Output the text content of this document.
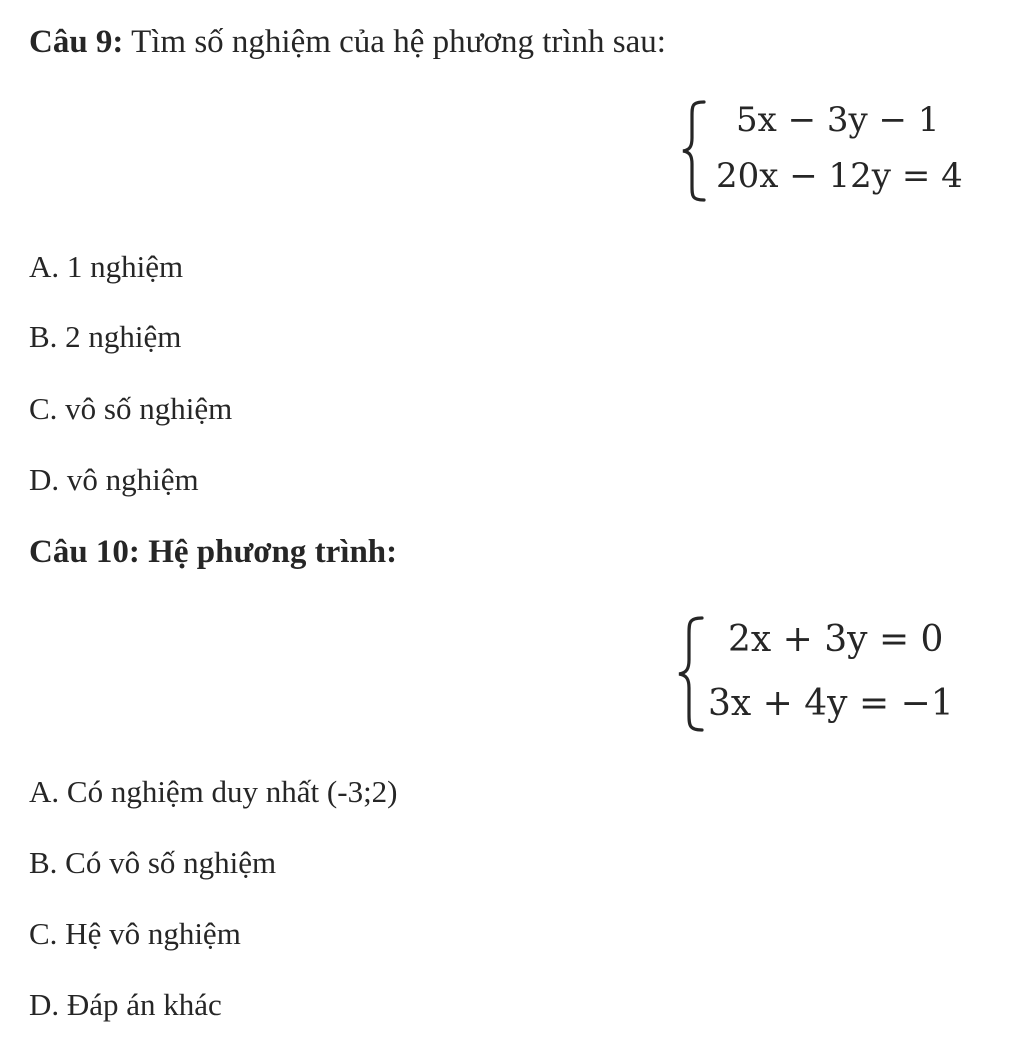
Câu 9: Tìm số nghiệm của hệ phương trình sau:
5x − 3y − 1
20x − 12y = 4
A. 1 nghiệm
B. 2 nghiệm
C. vô số nghiệm
D. vô nghiệm
Câu 10: Hệ phương trình:
2x + 3y = 0
3x + 4y = −1
A. Có nghiệm duy nhất (-3;2)
B. Có vô số nghiệm
C. Hệ vô nghiệm
D. Đáp án khác
